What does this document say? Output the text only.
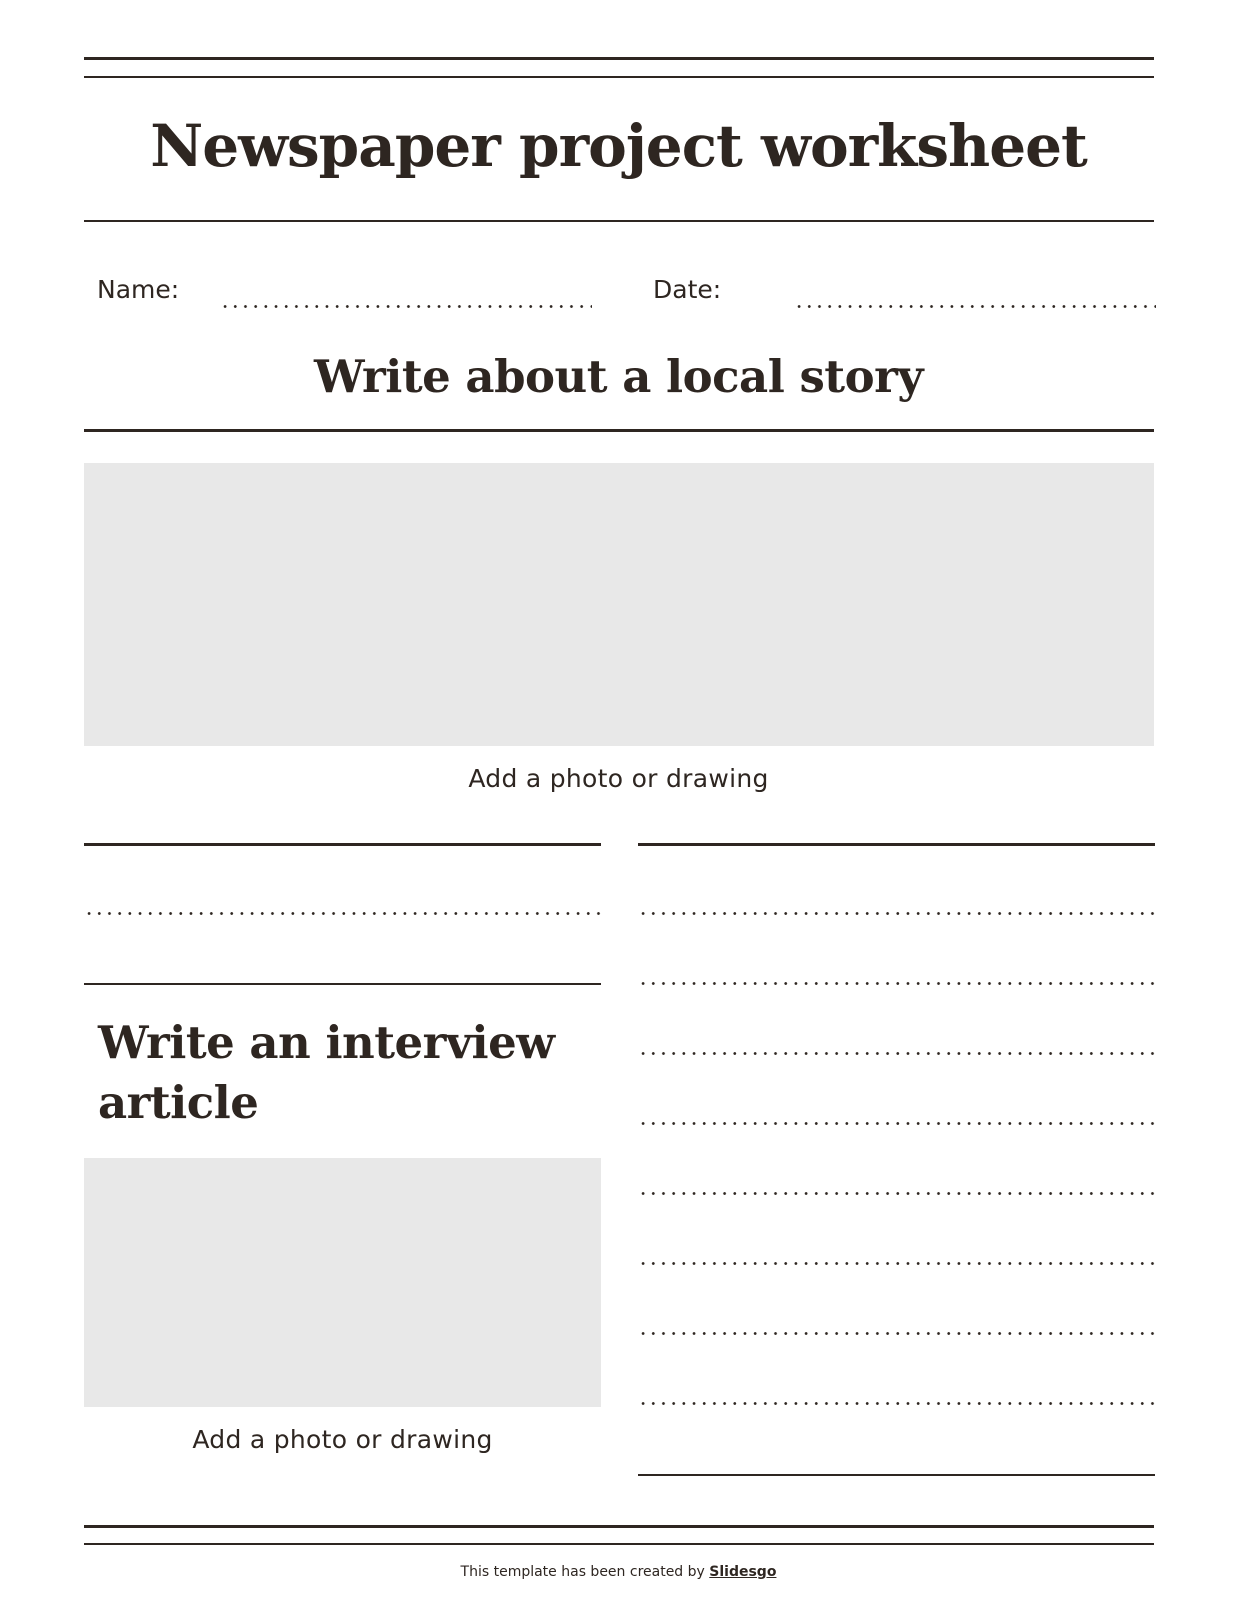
Newspaper project worksheet
Name:	Date:
Write about a local story
Add a photo or drawing
Write an interview
article
Add a photo or drawing
This template has been created by Slidesgo
